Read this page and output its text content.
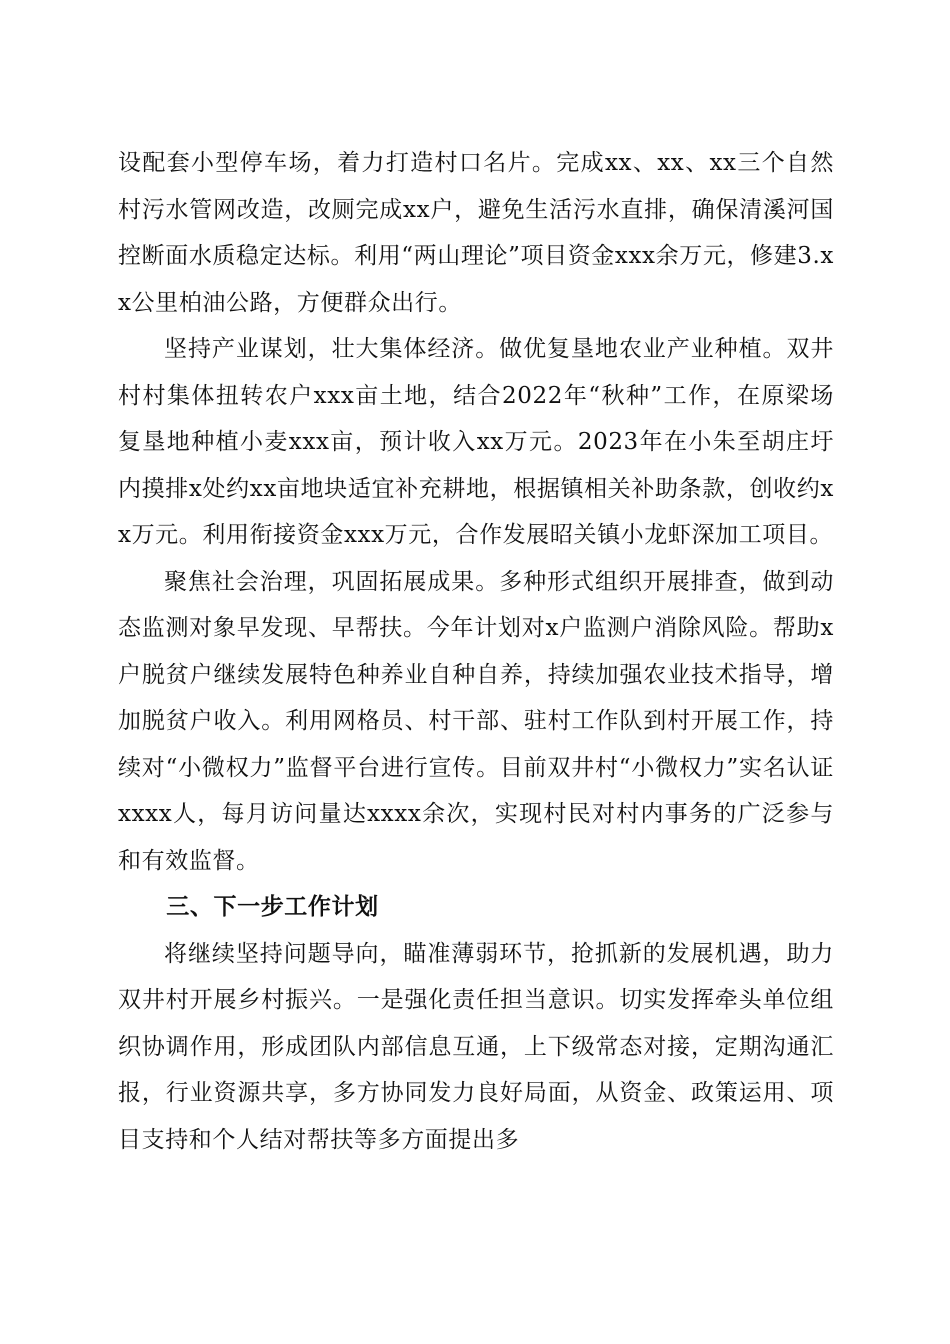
设配套小型停车场，着力打造村口名片。完成xx、xx、xx三个自然村污水管网改造，改厕完成xx户，避免生活污水直排，确保清溪河国控断面水质稳定达标。利用“两山理论”项目资金xxx余万元，修建3.xx公里柏油公路，方便群众出行。

坚持产业谋划，壮大集体经济。做优复垦地农业产业种植。双井村村集体扭转农户xxx亩土地，结合2022年“秋种”工作，在原梁场复垦地种植小麦xxx亩，预计收入xx万元。2023年在小朱至胡庄圩内摸排x处约xx亩地块适宜补充耕地，根据镇相关补助条款，创收约xx万元。利用衔接资金xxx万元，合作发展昭关镇小龙虾深加工项目。

聚焦社会治理，巩固拓展成果。多种形式组织开展排查，做到动态监测对象早发现、早帮扶。今年计划对x户监测户消除风险。帮助x户脱贫户继续发展特色种养业自种自养，持续加强农业技术指导，增加脱贫户收入。利用网格员、村干部、驻村工作队到村开展工作，持续对“小微权力”监督平台进行宣传。目前双井村“小微权力”实名认证xxxx人，每月访问量达xxxx余次，实现村民对村内事务的广泛参与和有效监督。

三、下一步工作计划

将继续坚持问题导向，瞄准薄弱环节，抢抓新的发展机遇，助力双井村开展乡村振兴。一是强化责任担当意识。切实发挥牵头单位组织协调作用，形成团队内部信息互通，上下级常态对接，定期沟通汇报，行业资源共享，多方协同发力良好局面，从资金、政策运用、项目支持和个人结对帮扶等多方面提出多
